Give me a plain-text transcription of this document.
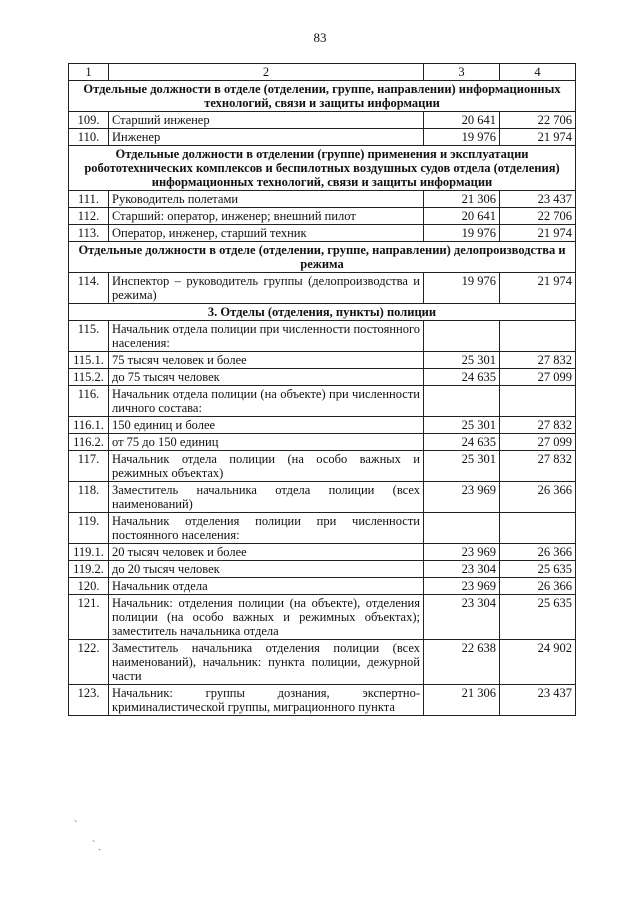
83
1	2	3	4
Отдельные должности в отделе (отделении, группе, направлении) информационных технологий, связи и защиты информации			
109.	Старший инженер	20 641	22 706
110.	Инженер	19 976	21 974
Отдельные должности в отделении (группе) применения и эксплуатации робототехнических комплексов и беспилотных воздушных судов отдела (отделения) информационных технологий, связи и защиты информации			
111.	Руководитель полетами	21 306	23 437
112.	Старший: оператор, инженер; внешний пилот	20 641	22 706
113.	Оператор, инженер, старший техник	19 976	21 974
Отдельные должности в отделе (отделении, группе, направлении) делопроизводства и режима			
114.	Инспектор – руководитель группы (делопроизводства и режима)	19 976	21 974
3. Отделы (отделения, пункты) полиции			
115.	Начальник отдела полиции при численности постоянного населения:		
115.1.	75 тысяч человек и более	25 301	27 832
115.2.	до 75 тысяч человек	24 635	27 099
116.	Начальник отдела полиции (на объекте) при численности личного состава:		
116.1.	150 единиц и более	25 301	27 832
116.2.	от 75 до 150 единиц	24 635	27 099
117.	Начальник отдела полиции (на особо важных и режимных объектах)	25 301	27 832
118.	Заместитель начальника отдела полиции (всех наименований)	23 969	26 366
119.	Начальник отделения полиции при численности постоянного населения:		
119.1.	20 тысяч человек и более	23 969	26 366
119.2.	до 20 тысяч человек	23 304	25 635
120.	Начальник отдела	23 969	26 366
121.	Начальник: отделения полиции (на объекте), отделения полиции (на особо важных и режимных объектах); заместитель начальника отдела	23 304	25 635
122.	Заместитель начальника отделения полиции (всех наименований), начальник: пункта полиции, дежурной части	22 638	24 902
123.	Начальник: группы дознания, экспертно-криминалистической группы, миграционного пункта	21 306	23 437
ˋ
ˋ ˏ
